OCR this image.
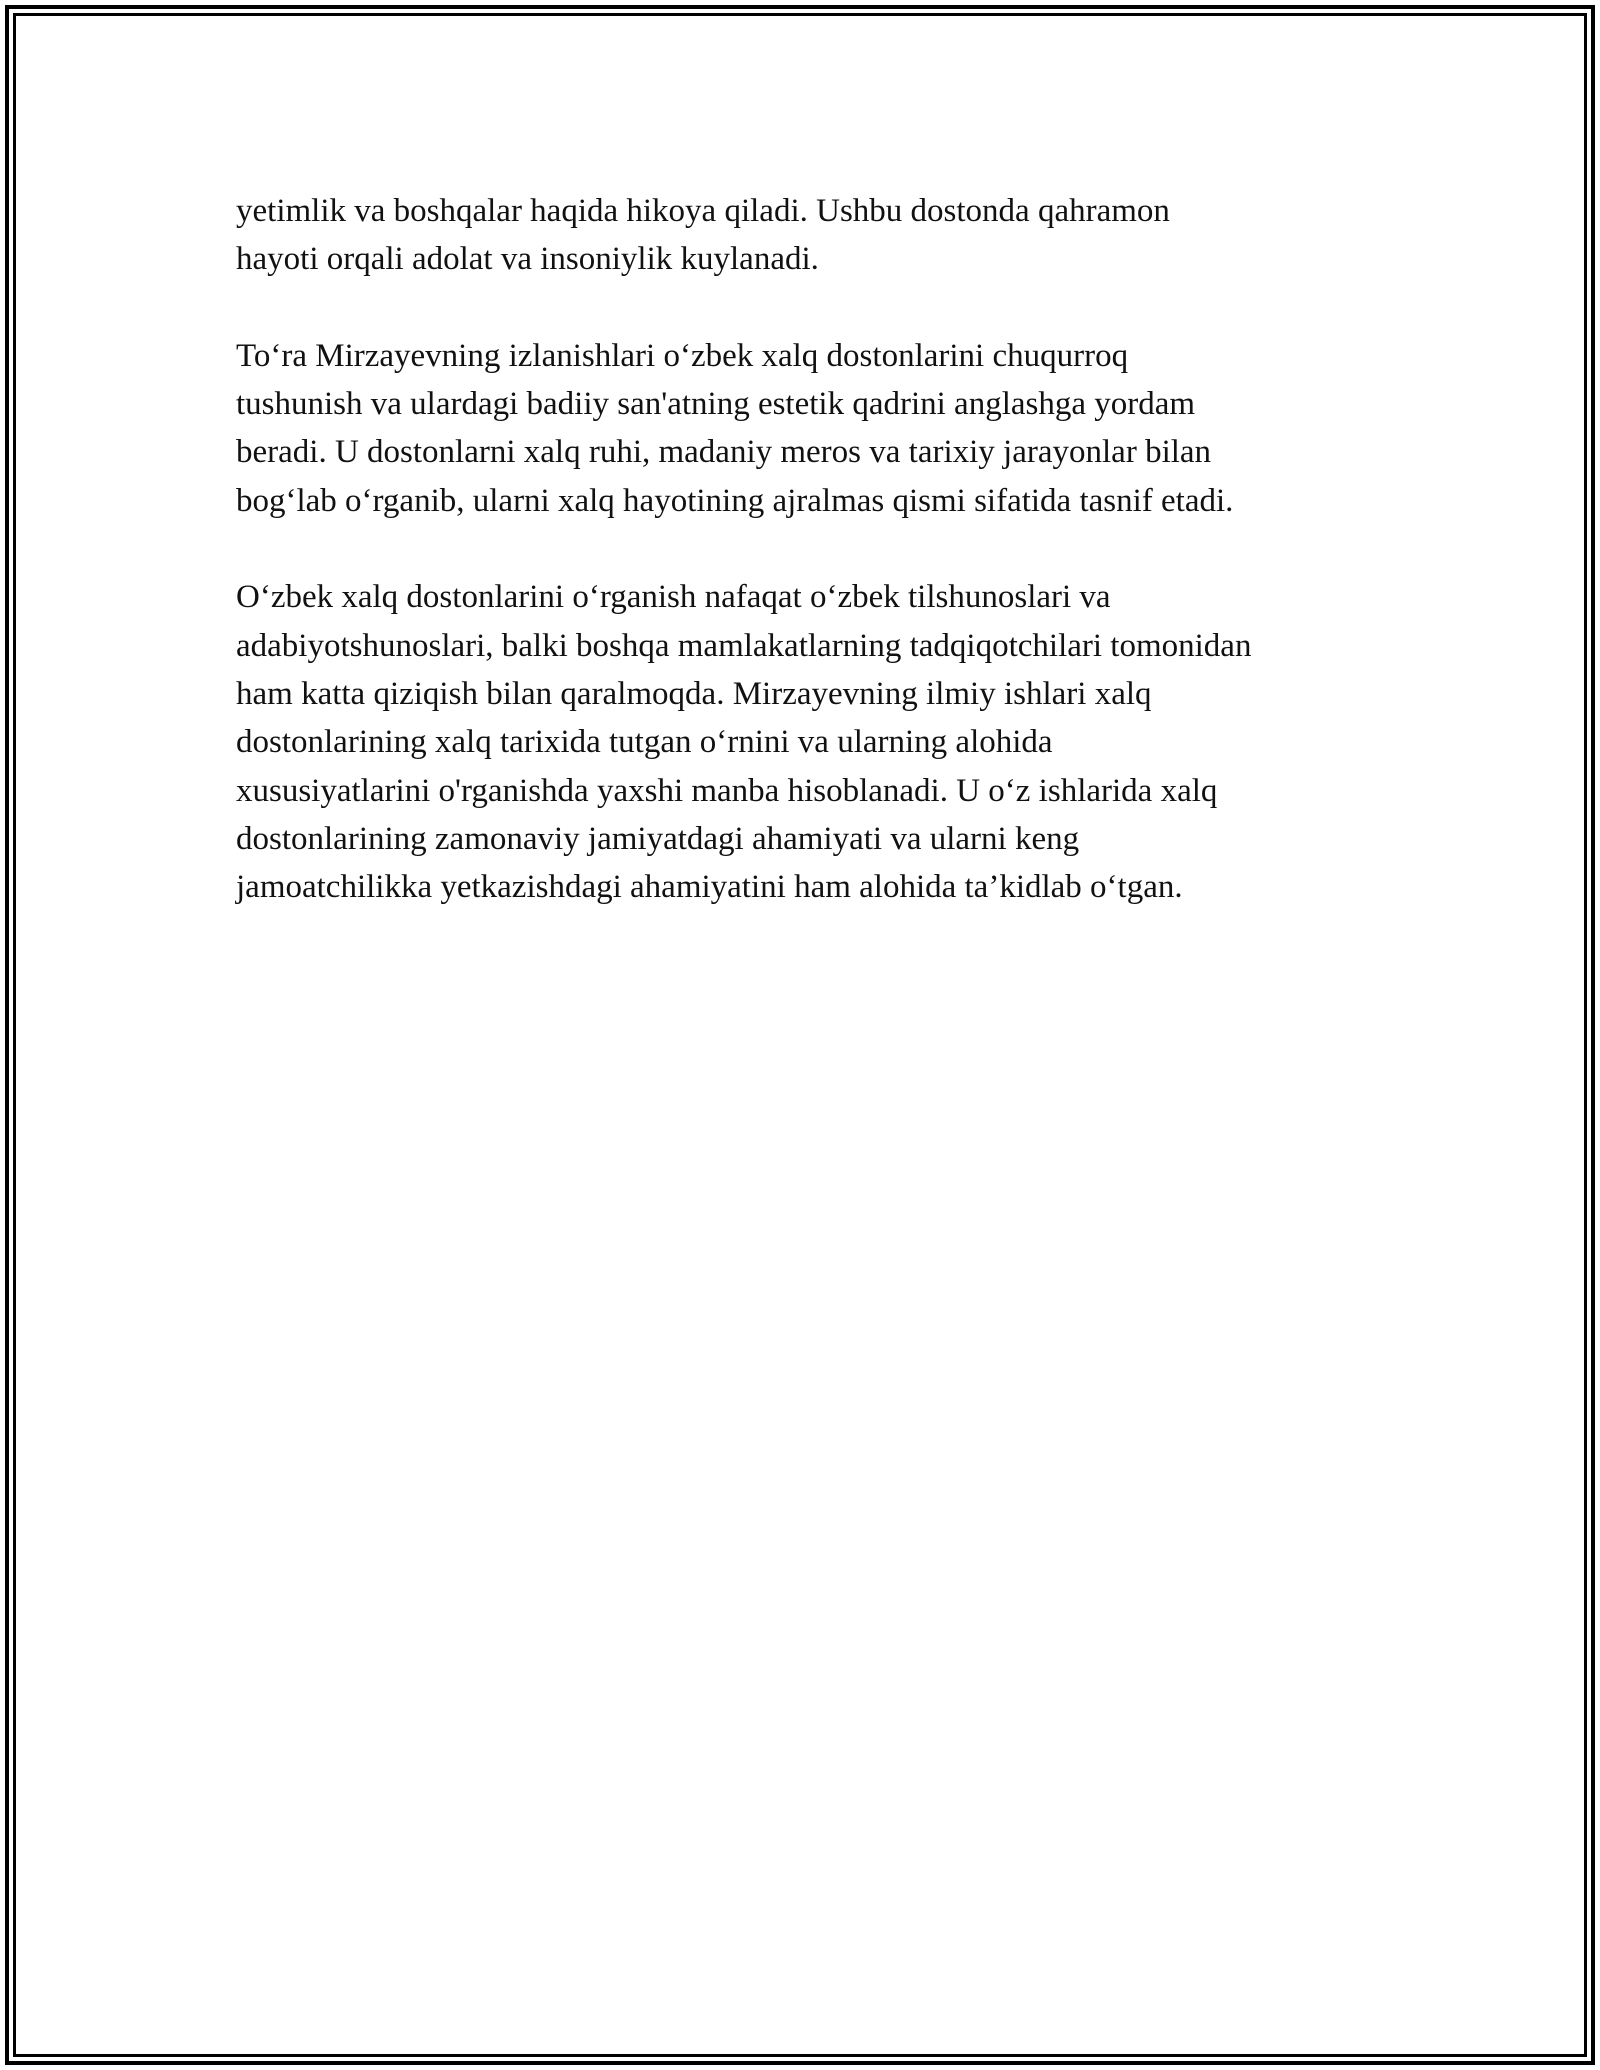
yetimlik va boshqalar haqida hikoya qiladi. Ushbu dostonda qahramon
hayoti orqali adolat va insoniylik kuylanadi.

To‘ra Mirzayevning izlanishlari o‘zbek xalq dostonlarini chuqurroq
tushunish va ulardagi badiiy san'atning estetik qadrini anglashga yordam
beradi. U dostonlarni xalq ruhi, madaniy meros va tarixiy jarayonlar bilan
bog‘lab o‘rganib, ularni xalq hayotining ajralmas qismi sifatida tasnif etadi.

O‘zbek xalq dostonlarini o‘rganish nafaqat o‘zbek tilshunoslari va
adabiyotshunoslari, balki boshqa mamlakatlarning tadqiqotchilari tomonidan
ham katta qiziqish bilan qaralmoqda. Mirzayevning ilmiy ishlari xalq
dostonlarining xalq tarixida tutgan o‘rnini va ularning alohida
xususiyatlarini o'rganishda yaxshi manba hisoblanadi. U o‘z ishlarida xalq
dostonlarining zamonaviy jamiyatdagi ahamiyati va ularni keng
jamoatchilikka yetkazishdagi ahamiyatini ham alohida ta’kidlab o‘tgan.
